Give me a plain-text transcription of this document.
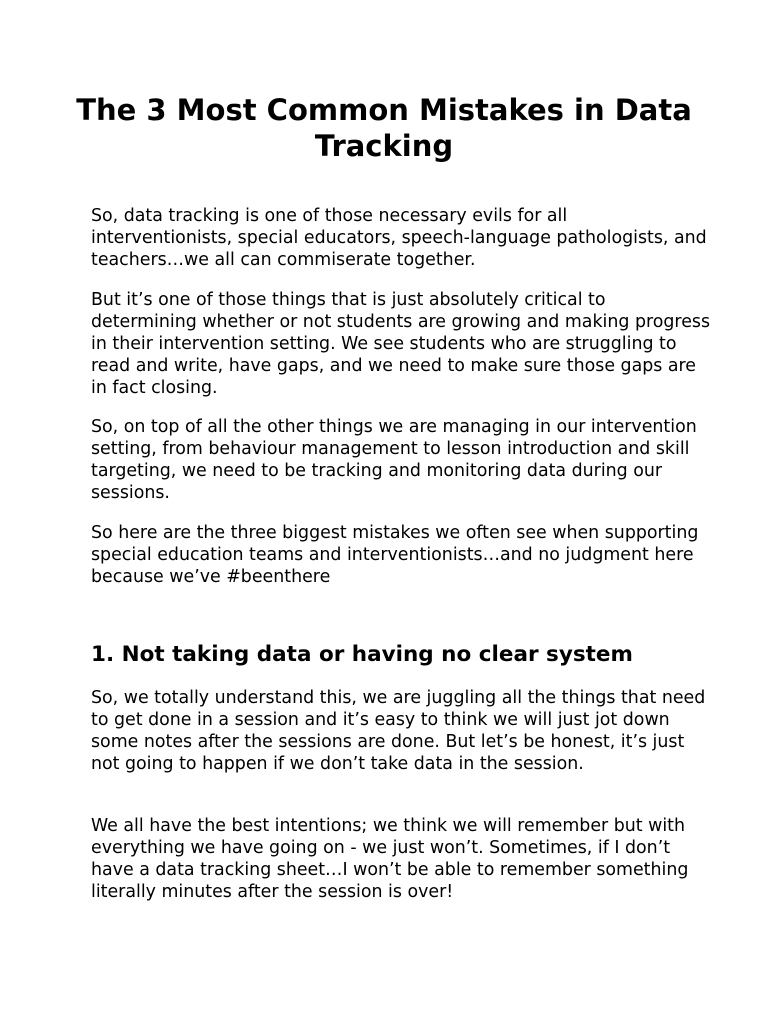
The 3 Most Common Mistakes in Data Tracking

So, data tracking is one of those necessary evils for all interventionists, special educators, speech-language pathologists, and teachers…we all can commiserate together.

But it’s one of those things that is just absolutely critical to determining whether or not students are growing and making progress in their intervention setting. We see students who are struggling to read and write, have gaps, and we need to make sure those gaps are in fact closing.

So, on top of all the other things we are managing in our intervention setting, from behaviour management to lesson introduction and skill targeting, we need to be tracking and monitoring data during our sessions.

So here are the three biggest mistakes we often see when supporting special education teams and interventionists…and no judgment here because we’ve #beenthere

1. Not taking data or having no clear system

So, we totally understand this, we are juggling all the things that need to get done in a session and it’s easy to think we will just jot down some notes after the sessions are done. But let’s be honest, it’s just not going to happen if we don’t take data in the session.

We all have the best intentions; we think we will remember but with everything we have going on - we just won’t. Sometimes, if I don’t have a data tracking sheet…I won’t be able to remember something literally minutes after the session is over!
